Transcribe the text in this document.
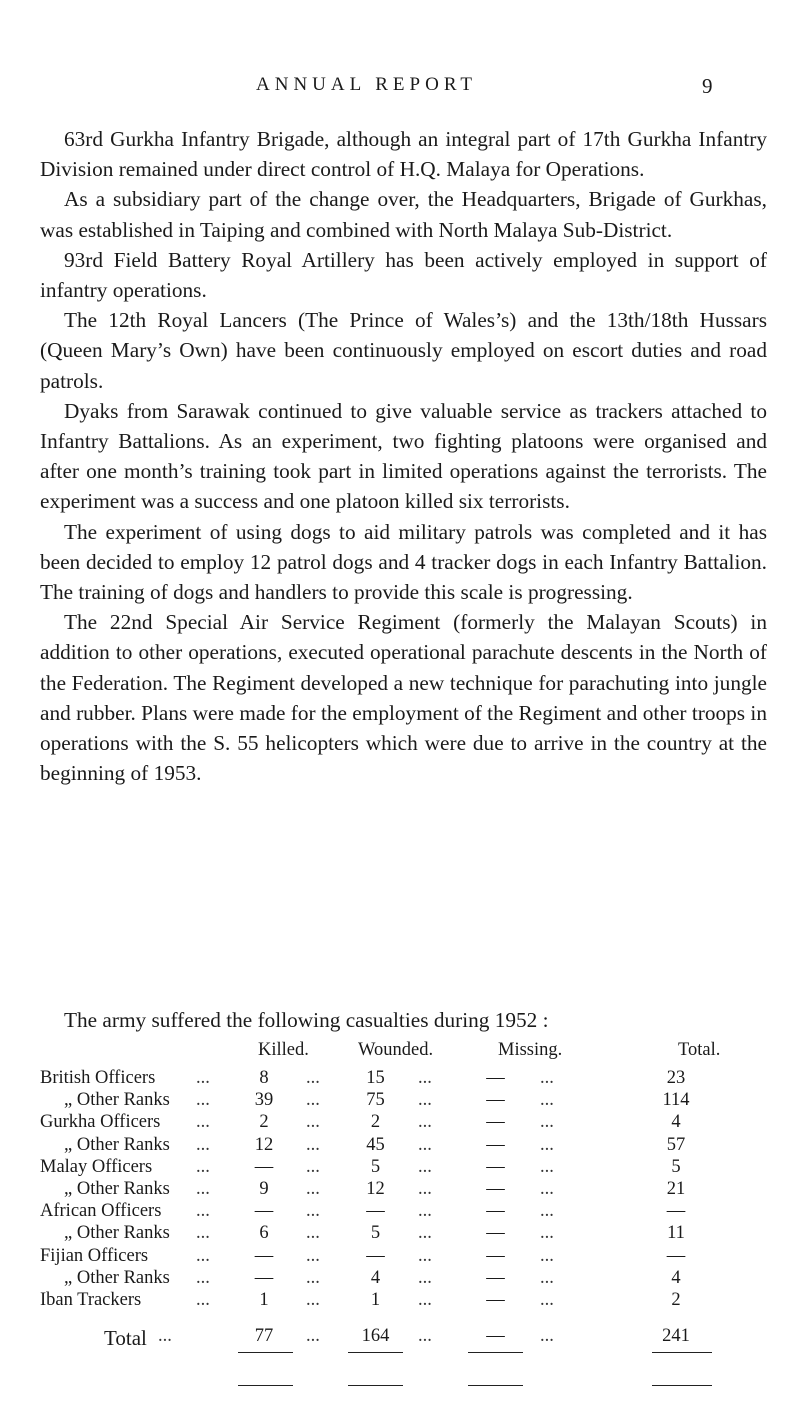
ANNUAL REPORT	9

63rd Gurkha Infantry Brigade, although an integral part of 17th Gurkha Infantry Division remained under direct control of H.Q. Malaya for Operations.

As a subsidiary part of the change over, the Headquarters, Brigade of Gurkhas, was established in Taiping and combined with North Malaya Sub-District.

93rd Field Battery Royal Artillery has been actively employed in support of infantry operations.

The 12th Royal Lancers (The Prince of Wales’s) and the 13th/18th Hussars (Queen Mary’s Own) have been continuously employed on escort duties and road patrols.

Dyaks from Sarawak continued to give valuable service as trackers attached to Infantry Battalions. As an experiment, two fighting platoons were organised and after one month’s training took part in limited operations against the terrorists. The experiment was a success and one platoon killed six terrorists.

The experiment of using dogs to aid military patrols was completed and it has been decided to employ 12 patrol dogs and 4 tracker dogs in each Infantry Battalion. The training of dogs and handlers to provide this scale is progressing.

The 22nd Special Air Service Regiment (formerly the Malayan Scouts) in addition to other operations, executed operational parachute descents in the North of the Federation. The Regiment developed a new technique for parachuting into jungle and rubber. Plans were made for the employment of the Regiment and other troops in operations with the S. 55 helicopters which were due to arrive in the country at the beginning of 1953.

The army suffered the following casualties during 1952 :
Killed.	Wounded.	Missing.	Total.
British Officers ...	8	...	15	...	—	...	23
„ Other Ranks ...	39	...	75	...	—	...	114
Gurkha Officers ...	2	...	2	...	—	...	4
„ Other Ranks ...	12	...	45	...	—	...	57
Malay Officers ...	—	...	5	...	—	...	5
„ Other Ranks ...	9	...	12	...	—	...	21
African Officers ...	—	...	—	...	—	...	—
„ Other Ranks ...	6	...	5	...	—	...	11
Fijian Officers	...	—	...	—	...	—	...	—
„ Other Ranks ...	—	...	4	...	—	...	4
Iban Trackers	...	1	...	1	...	—	...	2
Total ...	77	...	164	...	—	...	241
